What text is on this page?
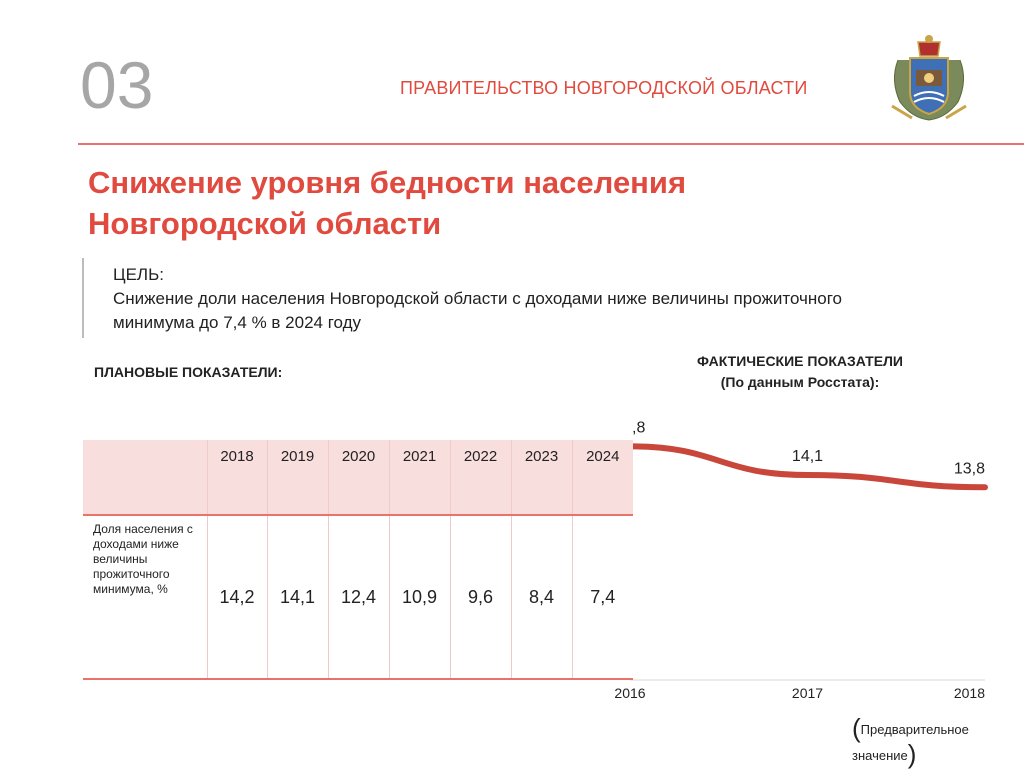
03	ПРАВИТЕЛЬСТВО НОВГОРОДСКОЙ ОБЛАСТИ
Снижение уровня бедности населения
Новгородской области
ЦЕЛЬ:
Снижение доли населения Новгородской области с доходами ниже величины прожиточного минимума до 7,4 % в 2024 году
ПЛАНОВЫЕ ПОКАЗАТЕЛИ:
ФАКТИЧЕСКИЕ ПОКАЗАТЕЛИ
(По данным Росстата):
2016	2017	2018
,8
14,1
13,8
	2018	2019	2020	2021	2022	2023	2024
Доля населения с доходами ниже величины прожиточного минимума, %	14,2	14,1	12,4	10,9	9,6	8,4	7,4
(Предварительное значение)
